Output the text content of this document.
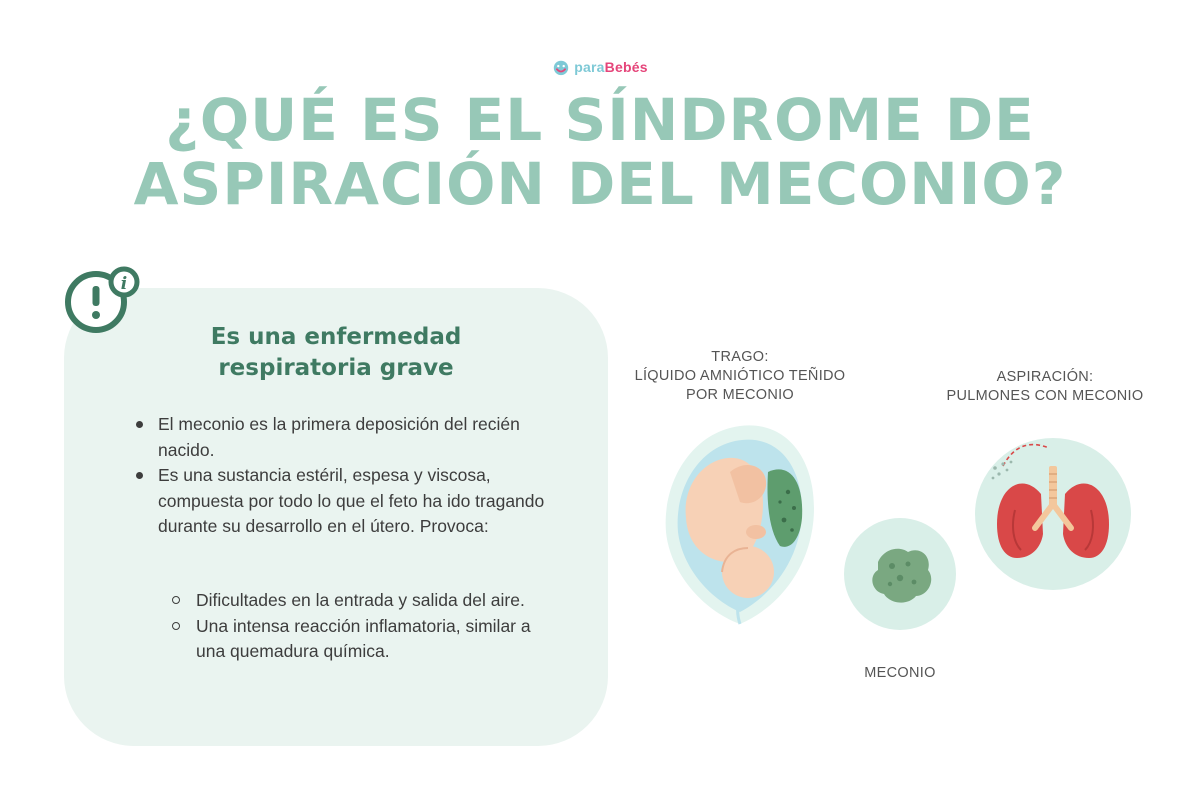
paraBebés
¿QUÉ ES EL SÍNDROME DE
ASPIRACIÓN DEL MECONIO?
i
Es una enfermedad
respiratoria grave
El meconio es la primera deposición del recién nacido.
Es una sustancia estéril, espesa y viscosa, compuesta por todo lo que el feto ha ido tragando durante su desarrollo en el útero. Provoca:
Dificultades en la entrada y salida del aire.
Una intensa reacción inflamatoria, similar a una quemadura química.
TRAGO:
LÍQUIDO AMNIÓTICO TEÑIDO
POR MECONIO
ASPIRACIÓN:
PULMONES CON MECONIO
MECONIO
